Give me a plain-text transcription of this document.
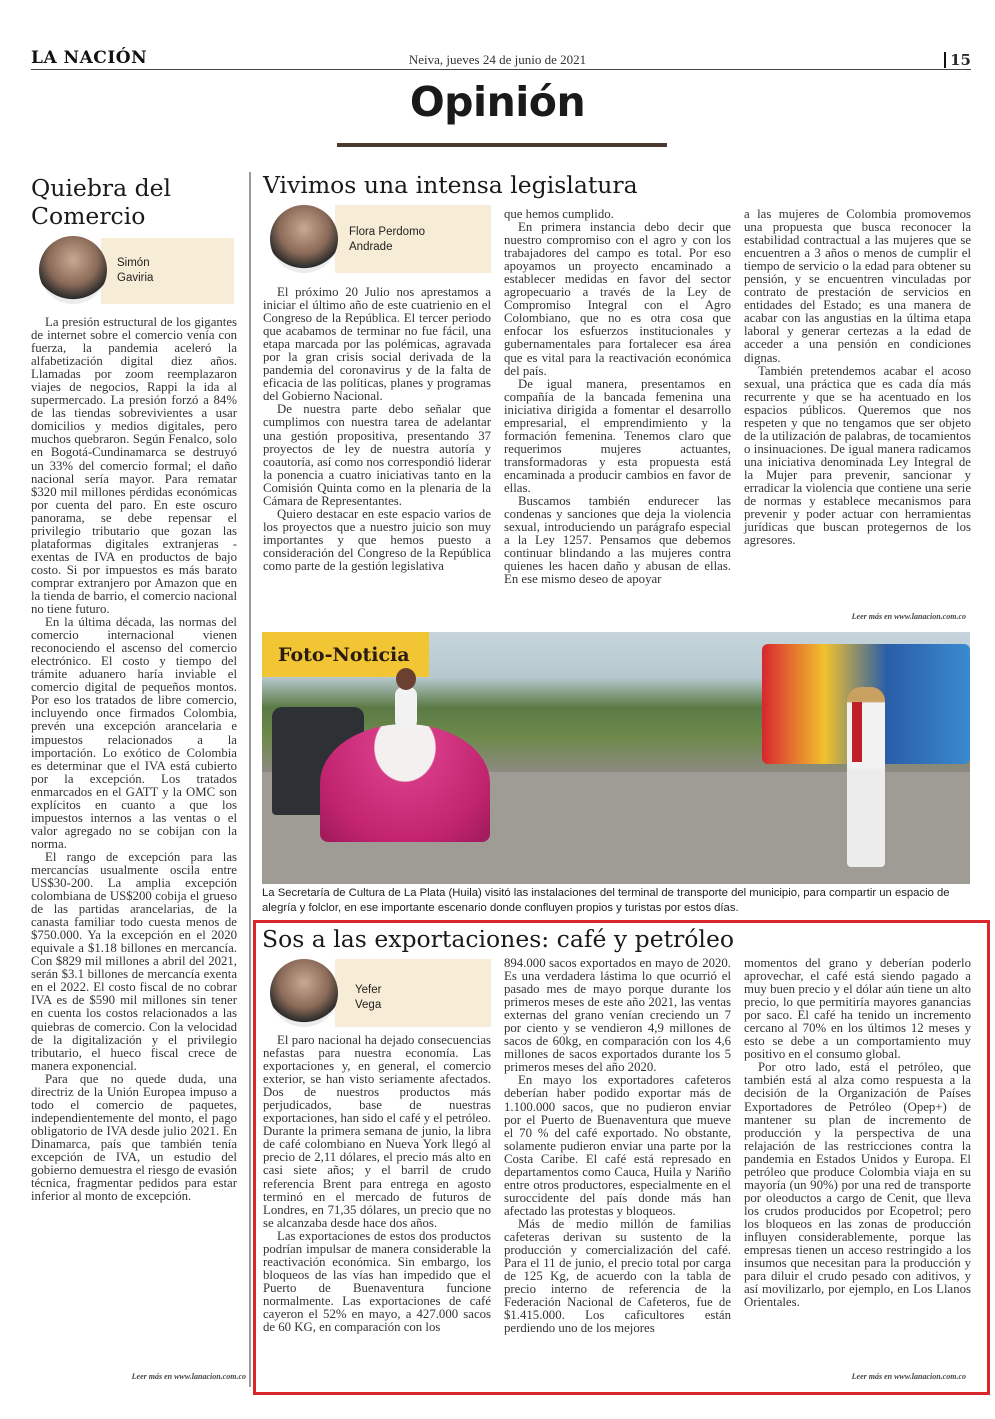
LA NACIÓN	Neiva, jueves 24 de junio de 2021	15
Opinión
Quiebra del
Comercio
Simón
Gaviria

La presión estructural de los gigantes de internet sobre el comercio venía con fuerza, la pandemia aceleró la alfabetización digital diez años. Llamadas por zoom reemplazaron viajes de negocios, Rappi la ida al supermercado. La presión forzó a 84% de las tiendas sobrevivientes a usar domicilios y medios digitales, pero muchos quebraron. Según Fenalco, solo en Bogotá-Cundinamarca se destruyó un 33% del comercio formal; el daño nacional sería mayor. Para rematar $320 mil millones pérdidas económicas por cuenta del paro. En este oscuro panorama, se debe repensar el privilegio tributario que gozan las plataformas digitales extranjeras -exentas de IVA en productos de bajo costo. Si por impuestos es más barato comprar extranjero por Amazon que en la tienda de barrio, el comercio nacional no tiene futuro.

En la última década, las normas del comercio internacional vienen reconociendo el ascenso del comercio electrónico. El costo y tiempo del trámite aduanero haría inviable el comercio digital de pequeños montos. Por eso los tratados de libre comercio, incluyendo once firmados Colombia, prevén una excepción arancelaria e impuestos relacionados a la importación. Lo exótico de Colombia es determinar que el IVA está cubierto por la excepción. Los tratados enmarcados en el GATT y la OMC son explícitos en cuanto a que los impuestos internos a las ventas o el valor agregado no se cobijan con la norma.

El rango de excepción para las mercancías usualmente oscila entre US$30-200. La amplia excepción colombiana de US$200 cobija el grueso de las partidas arancelarias, de la canasta familiar todo cuesta menos de $750.000. Ya la excepción en el 2020 equivale a $1.18 billones en mercancía. Con $829 mil millones a abril del 2021, serán $3.1 billones de mercancía exenta en el 2022. El costo fiscal de no cobrar IVA es de $590 mil millones sin tener en cuenta los costos relacionados a las quiebras de comercio. Con la velocidad de la digitalización y el privilegio tributario, el hueco fiscal crece de manera exponencial.

Para que no quede duda, una directriz de la Unión Europea impuso a todo el comercio de paquetes, independientemente del monto, el pago obligatorio de IVA desde julio 2021. En Dinamarca, país que también tenía excepción de IVA, un estudio del gobierno demuestra el riesgo de evasión técnica, fragmentar pedidos para estar inferior al monto de excepción.

Leer más en www.lanacion.com.co
Vivimos una intensa legislatura
Flora Perdomo
Andrade

El próximo 20 Julio nos aprestamos a iniciar el último año de este cuatrienio en el Congreso de la República. El tercer periodo que acabamos de terminar no fue fácil, una etapa marcada por las polémicas, agravada por la gran crisis social derivada de la pandemia del coronavirus y de la falta de eficacia de las políticas, planes y programas del Gobierno Nacional.

De nuestra parte debo señalar que cumplimos con nuestra tarea de adelantar una gestión propositiva, presentando 37 proyectos de ley de nuestra autoría y coautoría, así como nos correspondió liderar la ponencia a cuatro iniciativas tanto en la Comisión Quinta como en la plenaria de la Cámara de Representantes.

Quiero destacar en este espacio varios de los proyectos que a nuestro juicio son muy importantes y que hemos puesto a consideración del Congreso de la República como parte de la gestión legislativa

que hemos cumplido.

En primera instancia debo decir que nuestro compromiso con el agro y con los trabajadores del campo es total. Por eso apoyamos un proyecto encaminado a establecer medidas en favor del sector agropecuario a través de la Ley de Compromiso Integral con el Agro Colombiano, que no es otra cosa que enfocar los esfuerzos institucionales y gubernamentales para fortalecer esa área que es vital para la reactivación económica del país.

De igual manera, presentamos en compañía de la bancada femenina una iniciativa dirigida a fomentar el desarrollo empresarial, el emprendimiento y la formación femenina. Tenemos claro que requerimos mujeres actuantes, transformadoras y esta propuesta está encaminada a producir cambios en favor de ellas.

Buscamos también endurecer las condenas y sanciones que deja la violencia sexual, introduciendo un parágrafo especial a la Ley 1257. Pensamos que debemos continuar blindando a las mujeres contra quienes les hacen daño y abusan de ellas. En ese mismo deseo de apoyar

a las mujeres de Colombia promovemos una propuesta que busca reconocer la estabilidad contractual a las mujeres que se encuentren a 3 años o menos de cumplir el tiempo de servicio o la edad para obtener su pensión, y se encuentren vinculadas por contrato de prestación de servicios en entidades del Estado; es una manera de acabar con las angustias en la última etapa laboral y generar certezas a la edad de acceder a una pensión en condiciones dignas.

También pretendemos acabar el acoso sexual, una práctica que es cada día más recurrente y que se ha acentuado en los espacios públicos. Queremos que nos respeten y que no tengamos que ser objeto de la utilización de palabras, de tocamientos o insinuaciones. De igual manera radicamos una iniciativa denominada Ley Integral de la Mujer para prevenir, sancionar y erradicar la violencia que contiene una serie de normas y establece mecanismos para prevenir y poder actuar con herramientas jurídicas que buscan protegernos de los agresores.

Leer más en www.lanacion.com.co
Foto-Noticia
La Secretaría de Cultura de La Plata (Huila) visitó las instalaciones del terminal de transporte del municipio, para compartir un espacio de alegría y folclor, en ese importante escenario donde confluyen propios y turistas por estos días.
Sos a las exportaciones: café y petróleo
Yefer
Vega

El paro nacional ha dejado consecuencias nefastas para nuestra economía. Las exportaciones y, en general, el comercio exterior, se han visto seriamente afectados. Dos de nuestros productos más perjudicados, base de nuestras exportaciones, han sido el café y el petróleo. Durante la primera semana de junio, la libra de café colombiano en Nueva York llegó al precio de 2,11 dólares, el precio más alto en casi siete años; y el barril de crudo referencia Brent para entrega en agosto terminó en el mercado de futuros de Londres, en 71,35 dólares, un precio que no se alcanzaba desde hace dos años.

Las exportaciones de estos dos productos podrían impulsar de manera considerable la reactivación económica. Sin embargo, los bloqueos de las vías han impedido que el Puerto de Buenaventura funcione normalmente. Las exportaciones de café cayeron el 52% en mayo, a 427.000 sacos de 60 KG, en comparación con los

894.000 sacos exportados en mayo de 2020. Es una verdadera lástima lo que ocurrió el pasado mes de mayo porque durante los primeros meses de este año 2021, las ventas externas del grano venían creciendo un 7 por ciento y se vendieron 4,9 millones de sacos de 60kg, en comparación con los 4,6 millones de sacos exportados durante los 5 primeros meses del año 2020.

En mayo los exportadores cafeteros deberían haber podido exportar más de 1.100.000 sacos, que no pudieron enviar por el Puerto de Buenaventura que mueve el 70 % del café exportado. No obstante, solamente pudieron enviar una parte por la Costa Caribe. El café está represado en departamentos como Cauca, Huila y Nariño entre otros productores, especialmente en el suroccidente del país donde más han afectado las protestas y bloqueos.

Más de medio millón de familias cafeteras derivan su sustento de la producción y comercialización del café. Para el 11 de junio, el precio total por carga de 125 Kg, de acuerdo con la tabla de precio interno de referencia de la Federación Nacional de Cafeteros, fue de $1.415.000. Los caficultores están perdiendo uno de los mejores

momentos del grano y deberían poderlo aprovechar, el café está siendo pagado a muy buen precio y el dólar aún tiene un alto precio, lo que permitiría mayores ganancias por saco. El café ha tenido un incremento cercano al 70% en los últimos 12 meses y esto se debe a un comportamiento muy positivo en el consumo global.

Por otro lado, está el petróleo, que también está al alza como respuesta a la decisión de la Organización de Países Exportadores de Petróleo (Opep+) de mantener su plan de incremento de producción y la perspectiva de una relajación de las restricciones contra la pandemia en Estados Unidos y Europa. El petróleo que produce Colombia viaja en su mayoría (un 90%) por una red de transporte por oleoductos a cargo de Cenit, que lleva los crudos producidos por Ecopetrol; pero los bloqueos en las zonas de producción influyen considerablemente, porque las empresas tienen un acceso restringido a los insumos que necesitan para la producción y para diluir el crudo pesado con aditivos, y así movilizarlo, por ejemplo, en Los Llanos Orientales.

Leer más en www.lanacion.com.co
